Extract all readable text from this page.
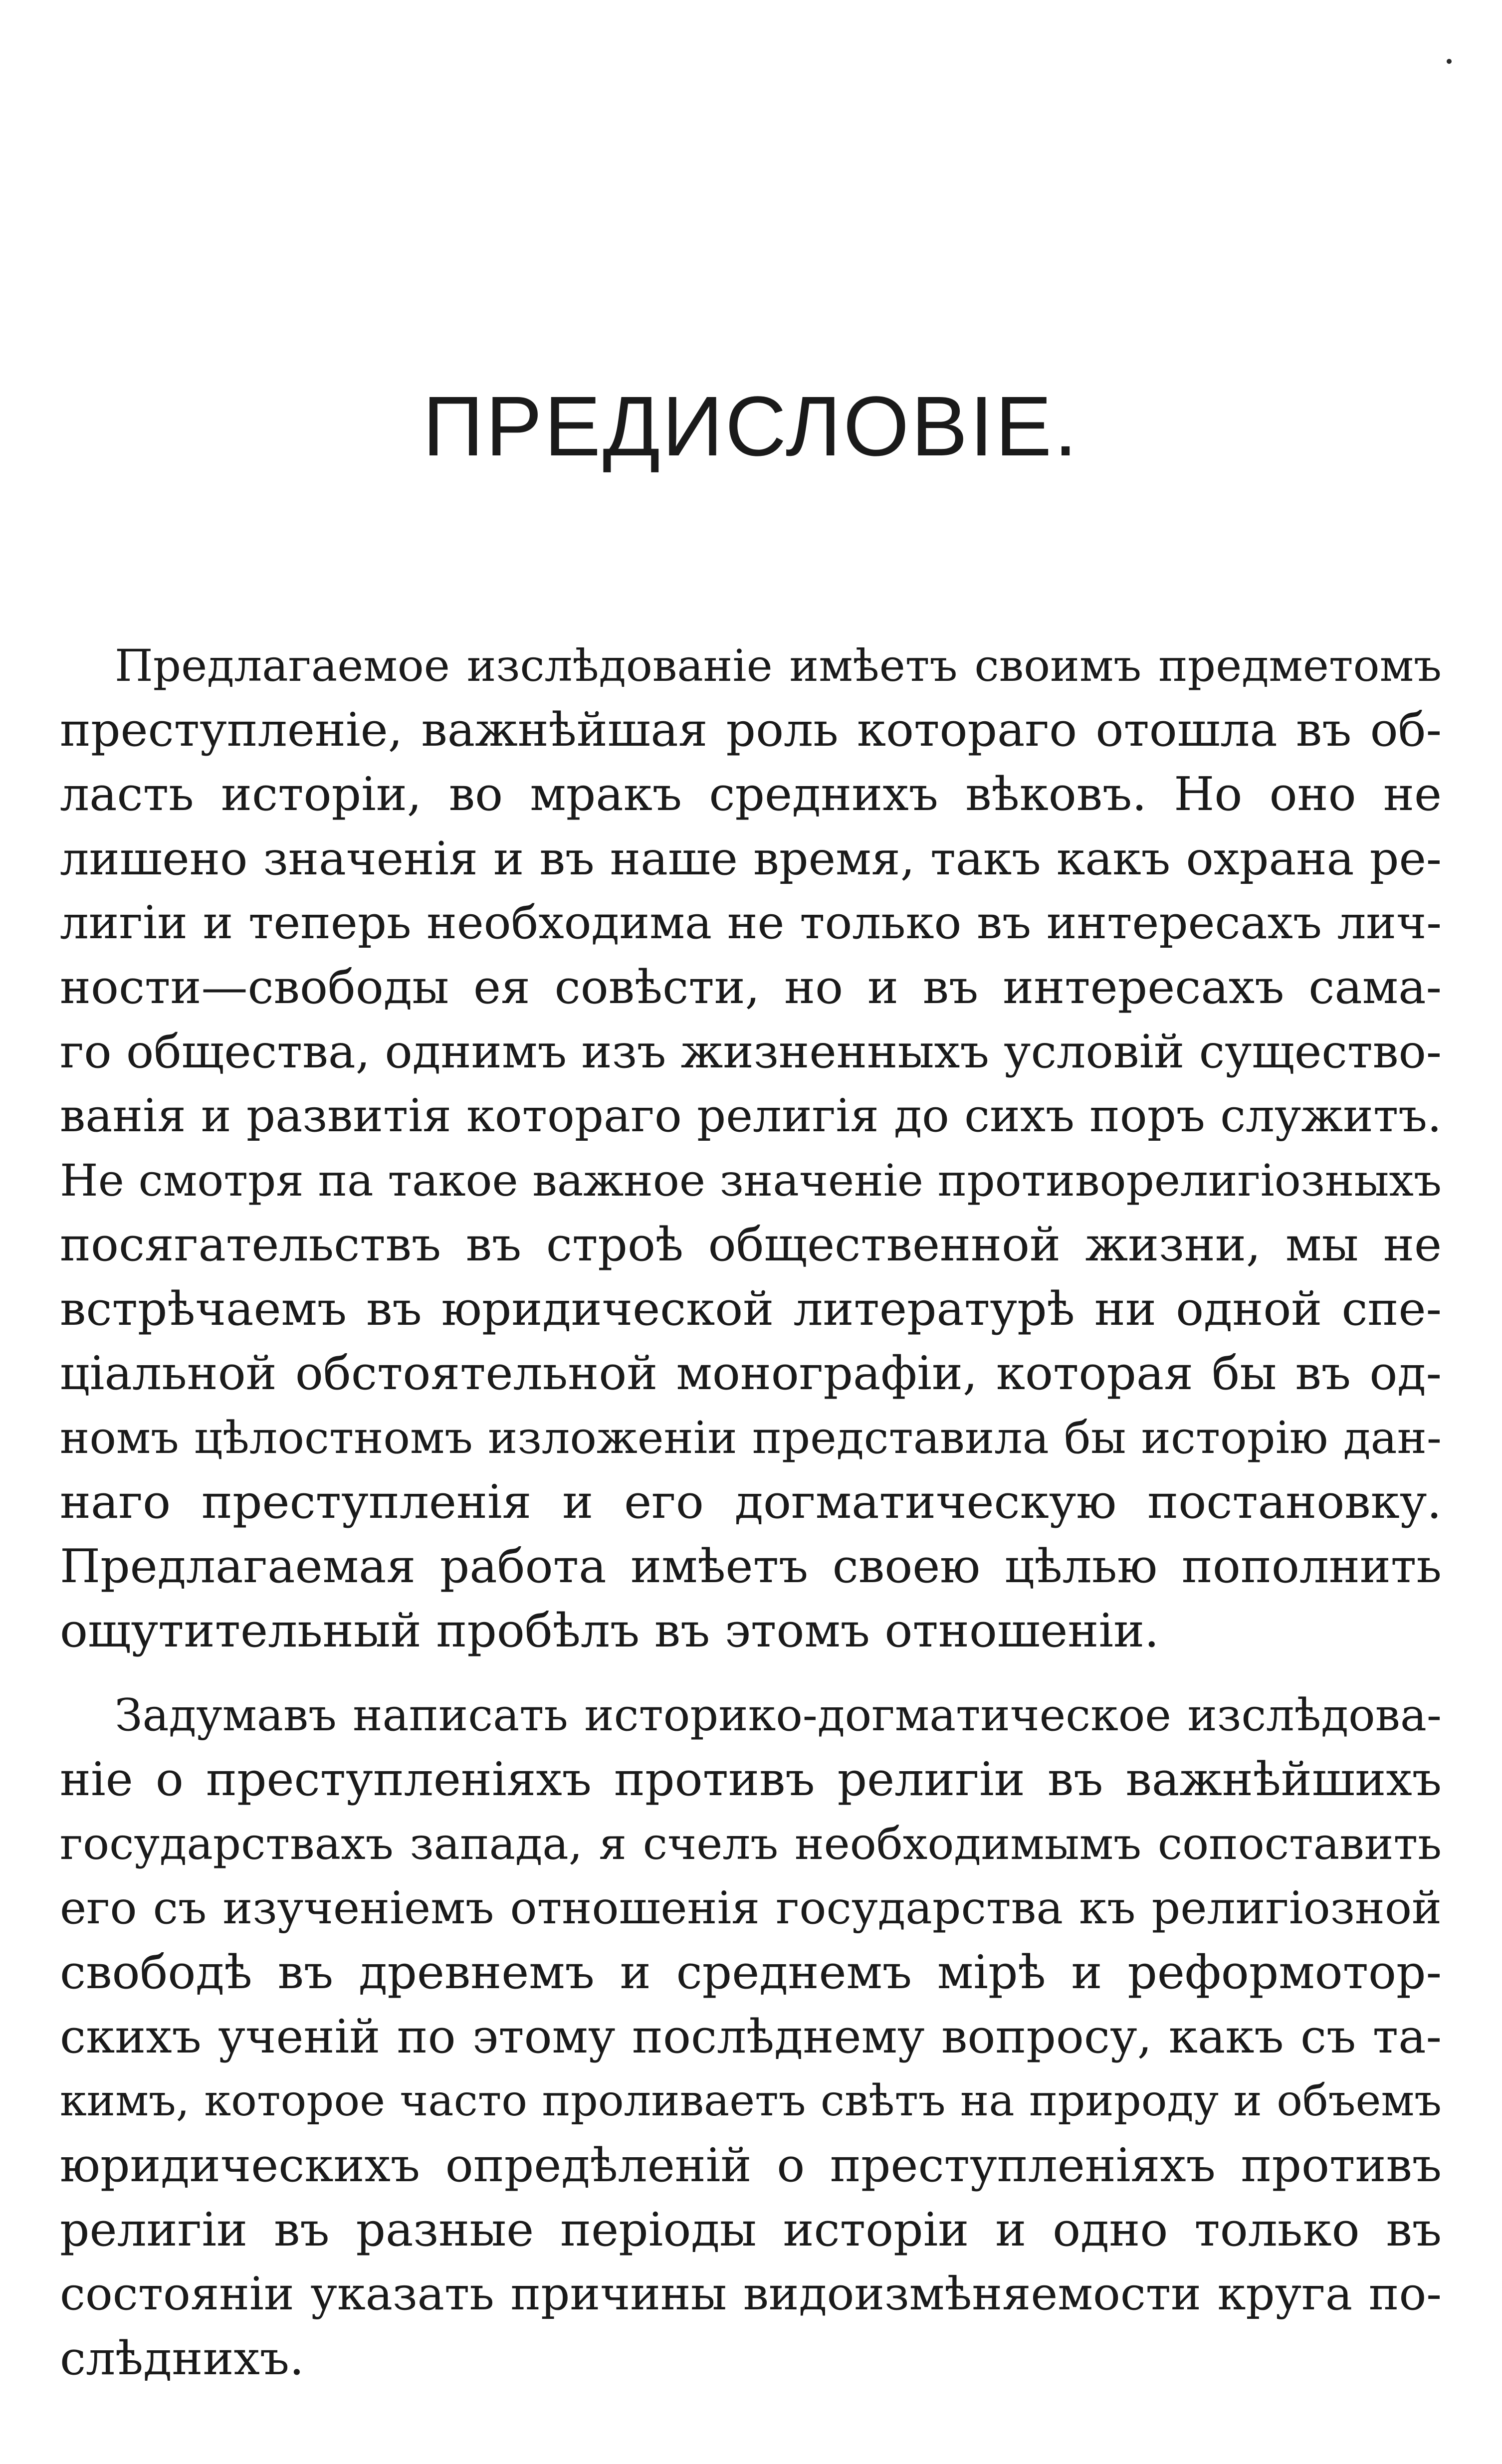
ПРЕДИСЛОВІЕ.
Предлагаемое изслѣдованіе имѣетъ своимъ предметомъ
преступленіе, важнѣйшая роль котораго отошла въ об-
ласть исторіи, во мракъ среднихъ вѣковъ. Но оно не
лишено значенія и въ наше время, такъ какъ охрана ре-
лигіи и теперь необходима не только въ интересахъ лич-
ности—свободы ея совѣсти, но и въ интересахъ сама-
го общества, однимъ изъ жизненныхъ условій существо-
ванія и развитія котораго религія до сихъ поръ служитъ.
Не смотря па такое важное значеніе противорелигіозныхъ
посягательствъ въ строѣ общественной жизни, мы не
встрѣчаемъ въ юридической литературѣ ни одной спе-
ціальной обстоятельной монографіи, которая бы въ од-
номъ цѣлостномъ изложеніи представила бы исторію дан-
наго преступленія и его догматическую постановку.
Предлагаемая работа имѣетъ своею цѣлью пополнить
ощутительный пробѣлъ въ этомъ отношеніи.
Задумавъ написать историко-догматическое изслѣдова-
ніе о преступленіяхъ противъ религіи въ важнѣйшихъ
государствахъ запада, я счелъ необходимымъ сопоставить
его съ изученіемъ отношенія государства къ религіозной
свободѣ въ древнемъ и среднемъ мірѣ и реформотор-
скихъ ученій по этому послѣднему вопросу, какъ съ та-
кимъ, которое часто проливаетъ свѣтъ на природу и объемъ
юридическихъ опредѣленій о преступленіяхъ противъ
религіи въ разные періоды исторіи и одно только въ
состояніи указать причины видоизмѣняемости круга по-
слѣднихъ.
